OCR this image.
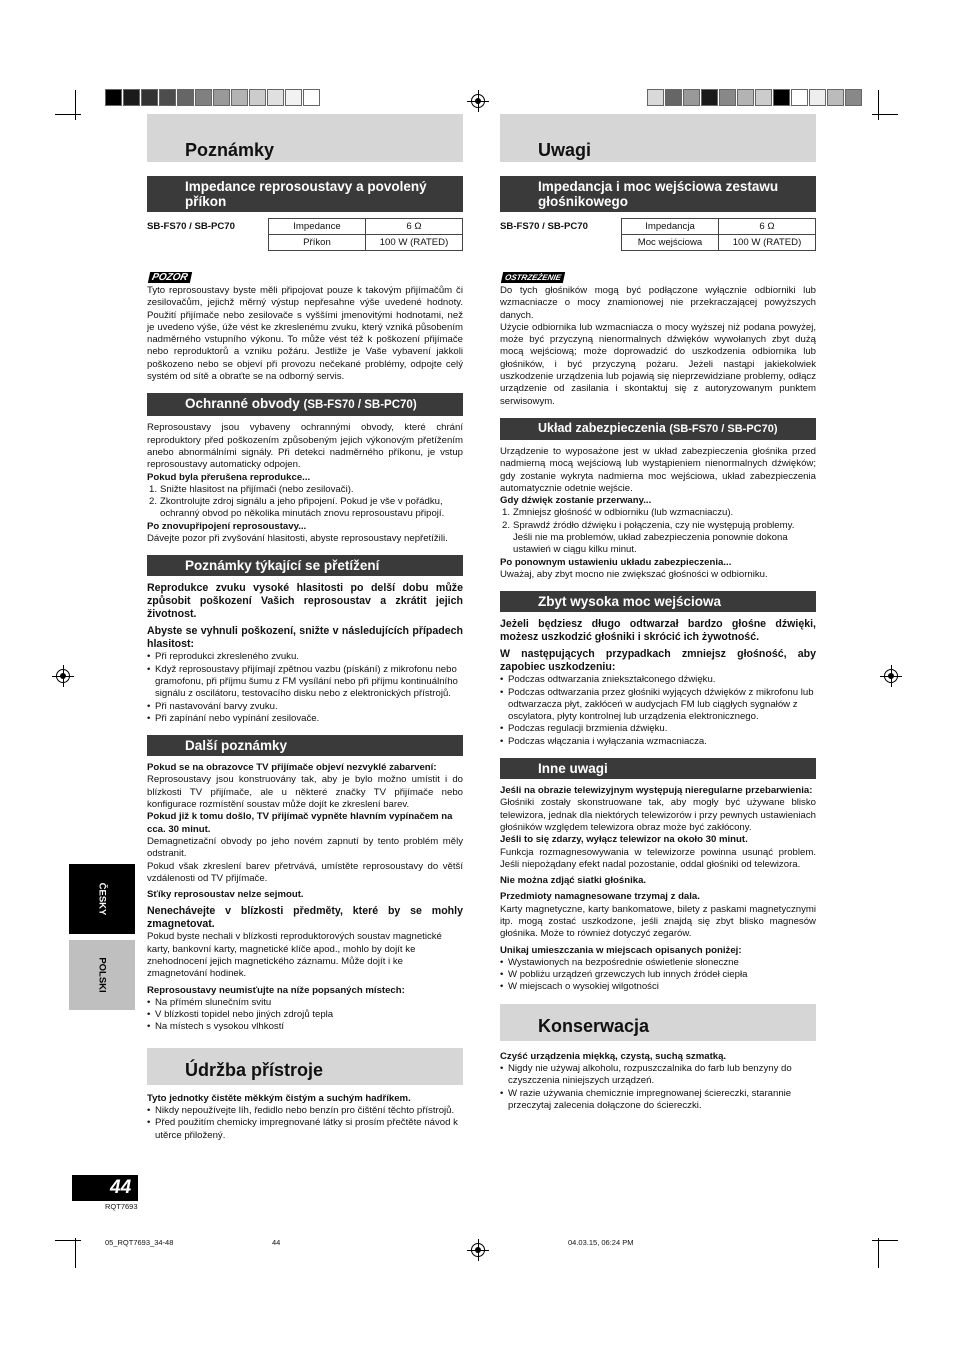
Poznámky
Impedance reprosoustavy a povolený příkon
SB-FS70 / SB-PC70	Impedance	6 Ω
Příkon	100 W (RATED)
POZOR

Tyto reprosoustavy byste měli připojovat pouze k takovým přijímačům či zesilovačům, jejichž měrný výstup nepřesahne výše uvedené hodnoty. Použití přijímače nebo zesilovače s vyššími jmenovitými hodnotami, než je uvedeno výše, úže vést ke zkreslenému zvuku, který vzniká působením nadměrného vstupního výkonu. To může vést též k poškození přijímače nebo reproduktorů a vzniku požáru. Jestliže je Vaše vybavení jakkoli poškozeno nebo se objeví při provozu nečekané problémy, odpojte celý systém od sítě a obraťte se na odborný servis.

Ochranné obvody (SB-FS70 / SB-PC70)

Reprosoustavy jsou vybaveny ochrannými obvody, které chrání reproduktory před poškozením způsobeným jejich výkonovým přetížením anebo abnormálními signály. Při detekci nadměrného příkonu, je vstup reprosoustavy automaticky odpojen.

Pokud byla přerušena reprodukce...

1. Snižte hlasitost na přijímači (nebo zesilovači).
2. Zkontrolujte zdroj signálu a jeho připojení. Pokud je vše v pořádku, ochranný obvod po několika minutách znovu reprosoustavu připojí.

Po znovupřipojení reprosoustavy...

Dávejte pozor při zvyšování hlasitosti, abyste reprosoustavy nepřetížili.

Poznámky týkající se přetížení

Reprodukce zvuku vysoké hlasitosti po delší dobu může způsobit poškození Vašich reprosoustav a zkrátit jejich životnost.

Abyste se vyhnuli poškození, snižte v následujících případech hlasitost:

• Při reprodukci zkresleného zvuku.
• Když reprosoustavy přijímají zpětnou vazbu (pískání) z mikrofonu nebo gramofonu, při příjmu šumu z FM vysílání nebo při příjmu kontinuálního signálu z oscilátoru, testovacího disku nebo z elektronických přístrojů.
• Při nastavování barvy zvuku.
• Při zapínání nebo vypínání zesilovače.
Další poznámky

Pokud se na obrazovce TV přijímače objeví nezvyklé zabarvení:

Reprosoustavy jsou konstruovány tak, aby je bylo možno umístit i do blízkosti TV přijímače, ale u některé značky TV přijímače nebo konfigurace rozmístění soustav může dojít ke zkreslení barev.

Pokud již k tomu došlo, TV přijímač vypněte hlavním vypínačem na cca. 30 minut.

Demagnetizační obvody po jeho novém zapnutí by tento problém měly odstranit.

Pokud však zkreslení barev přetrvává, umístěte reprosoustavy do větší vzdálenosti od TV přijímače.

Sťíky reprosoustav nelze sejmout.

Nenechávejte v blízkosti předměty, které by se mohly zmagnetovat.

Pokud byste nechali v blízkosti reproduktorových soustav magnetické karty, bankovní karty, magnetické klíče apod., mohlo by dojít ke znehodnocení jejich magnetického záznamu. Může dojít i ke zmagnetování hodinek.

Reprosoustavy neumisťujte na níže popsaných místech:

• Na přímém slunečním svitu
• V blízkosti topidel nebo jiných zdrojů tepla
• Na místech s vysokou vlhkostí
Údržba přístroje

Tyto jednotky čistěte měkkým čistým a suchým hadříkem.

• Nikdy nepoužívejte líh, ředidlo nebo benzín pro čištění těchto přístrojů.
• Před použitím chemicky impregnované látky si prosím přečtěte návod k utěrce přiložený.
Uwagi
Impedancja i moc wejściowa zestawu głośnikowego
SB-FS70 / SB-PC70	Impedancja	6 Ω
Moc wejściowa	100 W (RATED)
OSTRZEŻENIE

Do tych głośników mogą być podłączone wyłącznie odbiorniki lub wzmacniacze o mocy znamionowej nie przekraczającej powyższych danych.

Użycie odbiornika lub wzmacniacza o mocy wyższej niż podana powyżej, może być przyczyną nienormalnych dźwięków wywołanych zbyt dużą mocą wejściową; może doprowadzić do uszkodzenia odbiornika lub głośników, i być przyczyną pożaru. Jeżeli nastąpi jakiekolwiek uszkodzenie urządzenia lub pojawią się nieprzewidziane problemy, odłącz urządzenie od zasilania i skontaktuj się z autoryzowanym punktem serwisowym.

Układ zabezpieczenia (SB-FS70 / SB-PC70)

Urządzenie to wyposażone jest w układ zabezpieczenia głośnika przed nadmierną mocą wejściową lub wystąpieniem nienormalnych dźwięków; gdy zostanie wykryta nadmierna moc wejściowa, układ zabezpieczenia automatycznie odetnie wejście.

Gdy dźwięk zostanie przerwany...

1. Zmniejsz głośność w odbiorniku (lub wzmacniaczu).
2. Sprawdź źródło dźwięku i połączenia, czy nie występują problemy. Jeśli nie ma problemów, układ zabezpieczenia ponownie dokona ustawień w ciągu kilku minut.

Po ponownym ustawieniu układu zabezpieczenia...

Uważaj, aby zbyt mocno nie zwiększać głośności w odbiorniku.

Zbyt wysoka moc wejściowa

Jeżeli będziesz długo odtwarzał bardzo głośne dźwięki, możesz uszkodzić głośniki i skrócić ich żywotność.

W następujących przypadkach zmniejsz głośność, aby zapobiec uszkodzeniu:

• Podczas odtwarzania zniekształconego dźwięku.
• Podczas odtwarzania przez głośniki wyjących dźwięków z mikrofonu lub odtwarzacza płyt, zakłóceń w audycjach FM lub ciągłych sygnałów z oscylatora, płyty kontrolnej lub urządzenia elektronicznego.
• Podczas regulacji brzmienia dźwięku.
• Podczas włączania i wyłączania wzmacniacza.
Inne uwagi

Jeśli na obrazie telewizyjnym występują nieregularne przebarwienia:

Głośniki zostały skonstruowane tak, aby mogły być używane blisko telewizora, jednak dla niektórych telewizorów i przy pewnych ustawieniach głośników względem telewizora obraz może być zakłócony.

Jeśli to się zdarzy, wyłącz telewizor na około 30 minut.

Funkcja rozmagnesowywania w telewizorze powinna usunąć problem. Jeśli niepożądany efekt nadal pozostanie, oddal głośniki od telewizora.

Nie można zdjąć siatki głośnika.

Przedmioty namagnesowane trzymaj z dala.

Karty magnetyczne, karty bankomatowe, bilety z paskami magnetycznymi itp. mogą zostać uszkodzone, jeśli znajdą się zbyt blisko magnesów głośnika. Może to również dotyczyć zegarów.

Unikaj umieszczania w miejscach opisanych poniżej:

• Wystawionych na bezpośrednie oświetlenie słoneczne
• W pobliżu urządzeń grzewczych lub innych źródeł ciepła
• W miejscach o wysokiej wilgotności
Konserwacja

Czyść urządzenia miękką, czystą, suchą szmatką.

• Nigdy nie używaj alkoholu, rozpuszczalnika do farb lub benzyny do czyszczenia niniejszych urządzeń.
• W razie używania chemicznie impregnowanej ściereczki, starannie przeczytaj zalecenia dołączone do ściereczki.
ČESKY
POLSKI
44
RQT7693
05_RQT7693_34-48	44	04.03.15, 06:24 PM
